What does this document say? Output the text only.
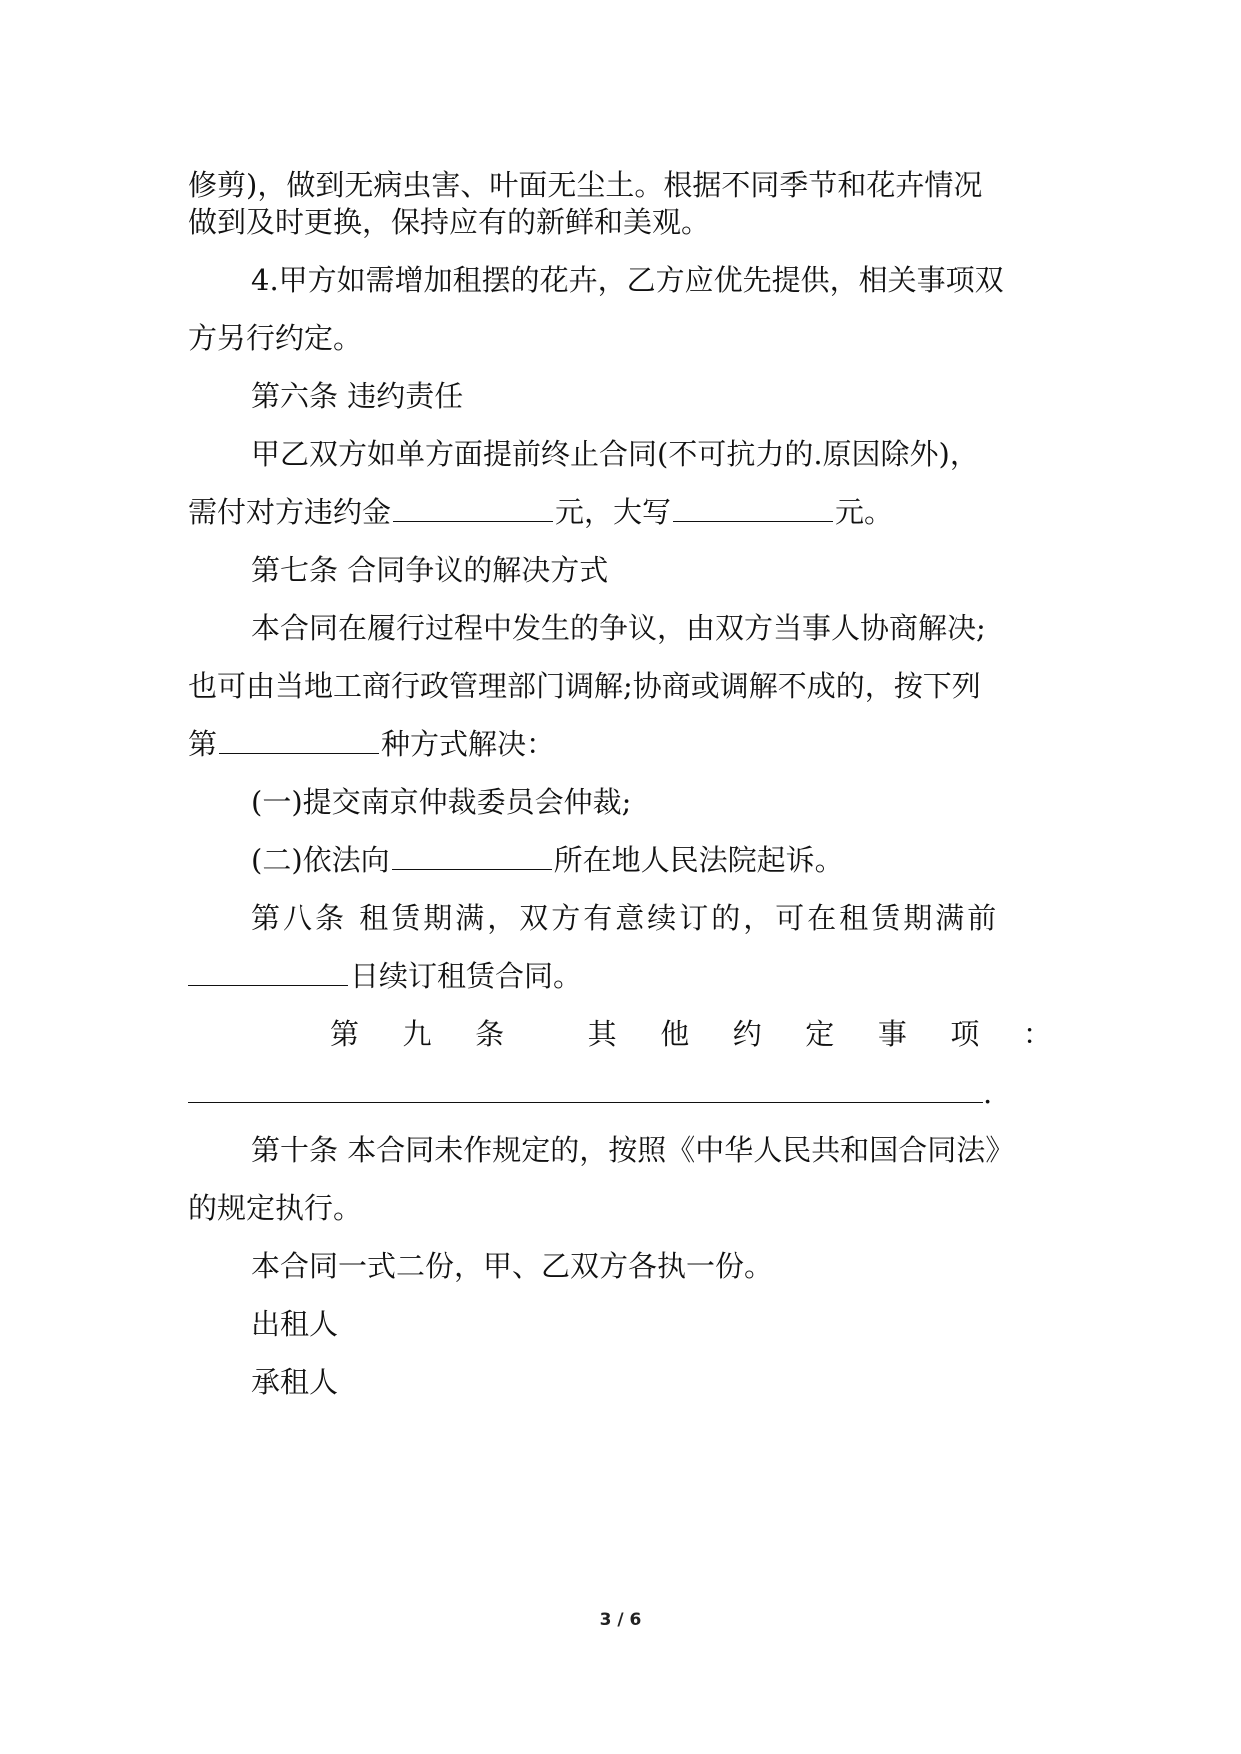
修剪)，做到无病虫害、叶面无尘土。根据不同季节和花卉情况
做到及时更换，保持应有的新鲜和美观。
4.甲方如需增加租摆的花卉，乙方应优先提供，相关事项双
方另行约定。
第六条 违约责任
甲乙双方如单方面提前终止合同(不可抗力的.原因除外)，
需付对方违约金	元，大写	元。
第七条 合同争议的解决方式
本合同在履行过程中发生的争议，由双方当事人协商解决;
也可由当地工商行政管理部门调解;协商或调解不成的，按下列
第	种方式解决：
(一)提交南京仲裁委员会仲裁;
(二)依法向	所在地人民法院起诉。
第八条 租赁期满，双方有意续订的，可在租赁期满前
日续订租赁合同。
第 九 条	其 他 约 定 事 项 ：
.
第十条 本合同未作规定的，按照《中华人民共和国合同法》
的规定执行。
本合同一式二份，甲、乙双方各执一份。
出租人
承租人
3 / 6
